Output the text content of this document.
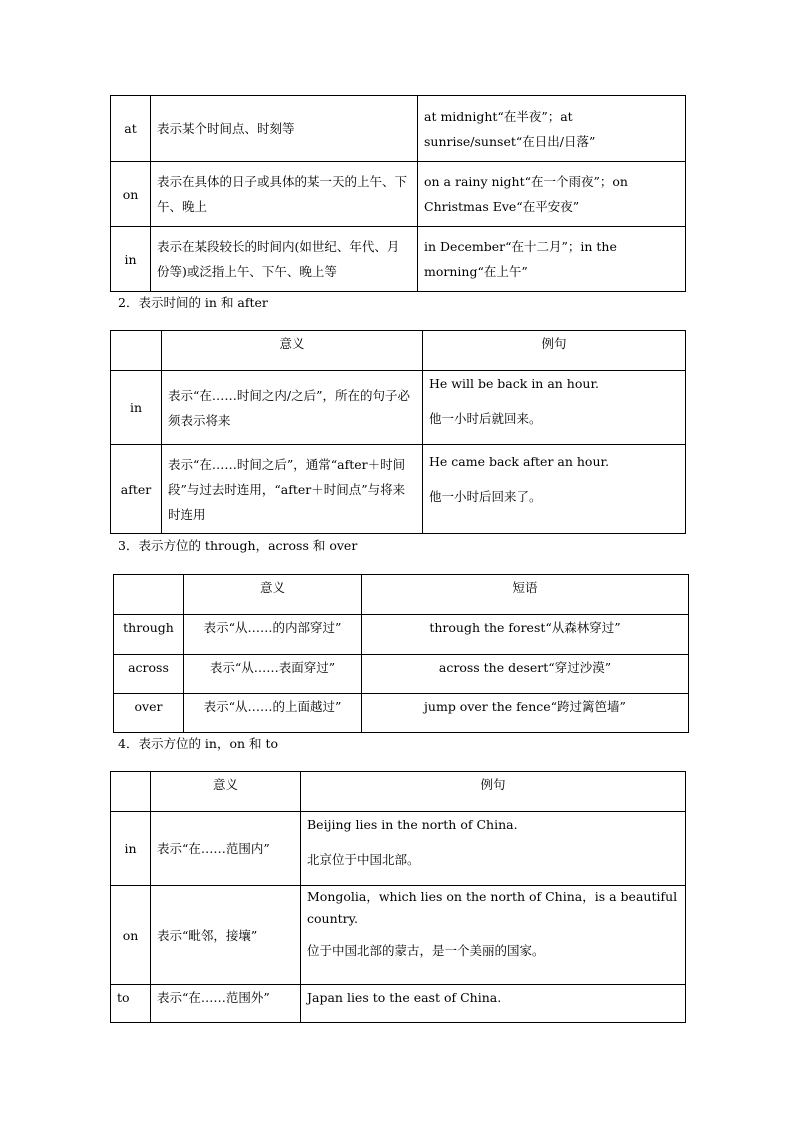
at	表示某个时间点、时刻等	at midnight“在半夜”；at sunrise/sunset“在日出/日落”
on	表示在具体的日子或具体的某一天的上午、下午、晚上	on a rainy night“在一个雨夜”；on Christmas Eve“在平安夜”
in	表示在某段较长的时间内(如世纪、年代、月份等)或泛指上午、下午、晚上等	in December“在十二月”；in the morning“在上午”
2．表示时间的 in 和 after
	意义	例句
in	表示“在……时间之内/之后”，所在的句子必须表示将来	He will be back in an hour.
他一小时后就回来。

after	表示“在……时间之后”，通常“after＋时间段”与过去时连用，“after＋时间点”与将来时连用	He came back after an hour.
他一小时后回来了。
3．表示方位的 through，across 和 over
	意义	短语
through	表示“从……的内部穿过”	through the forest“从森林穿过”
across	表示“从……表面穿过”	across the desert“穿过沙漠”
over	表示“从……的上面越过”	jump over the fence“跨过篱笆墙”
4．表示方位的 in，on 和 to
	意义	例句
in	表示“在……范围内”	Beijing lies in the north of China.
北京位于中国北部。

on	表示“毗邻，接壤”	Mongolia，which lies on the north of China，is a beautiful country.
位于中国北部的蒙古，是一个美丽的国家。

to	表示“在……范围外”	Japan lies to the east of China.
